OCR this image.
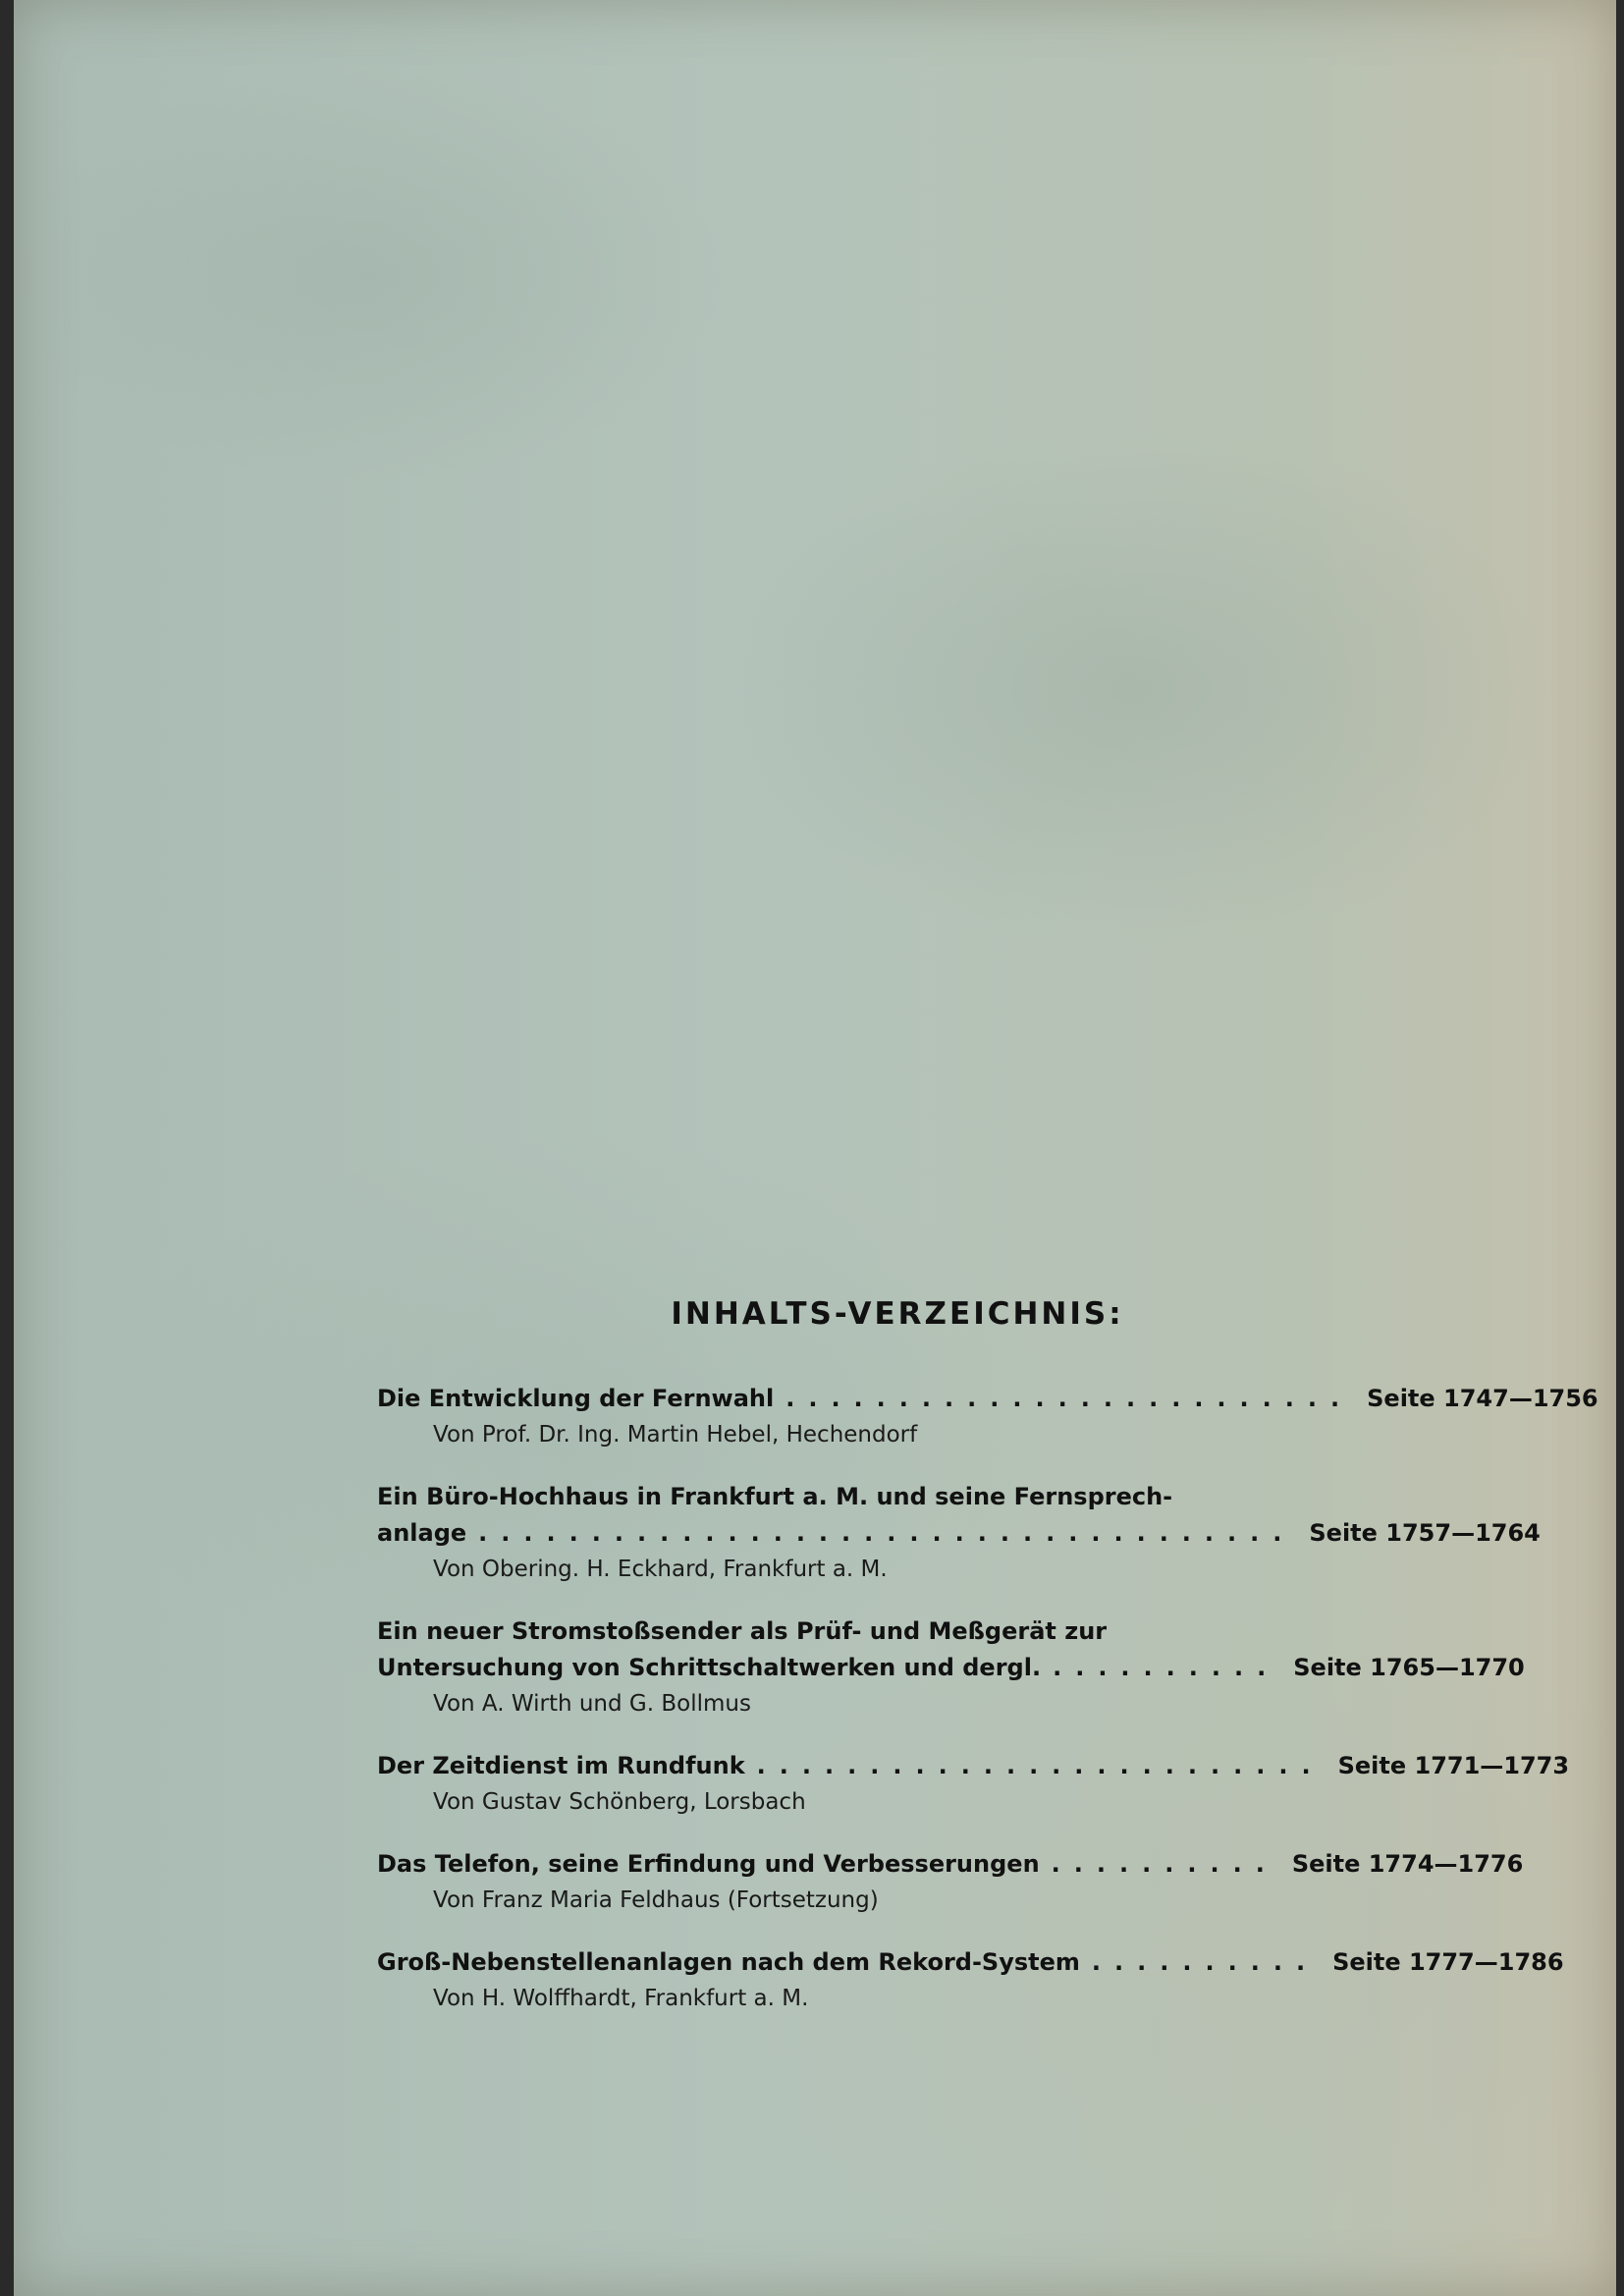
INHALTS-VERZEICHNIS:
Die Entwicklung der Fernwahl ......................... Seite 1747—1756
Von Prof. Dr. Ing. Martin Hebel, Hechendorf
Ein Büro-Hochhaus in Frankfurt a. M. und seine Fernsprech-
anlage .................................... Seite 1757—1764
Von Obering. H. Eckhard, Frankfurt a. M.
Ein neuer Stromstoßsender als Prüf- und Meßgerät zur
Untersuchung von Schrittschaltwerken und dergl. .......... Seite 1765—1770
Von A. Wirth und G. Bollmus
Der Zeitdienst im Rundfunk ......................... Seite 1771—1773
Von Gustav Schönberg, Lorsbach
Das Telefon, seine Erfindung und Verbesserungen .......... Seite 1774—1776
Von Franz Maria Feldhaus (Fortsetzung)
Groß-Nebenstellenanlagen nach dem Rekord-System .......... Seite 1777—1786
Von H. Wolffhardt, Frankfurt a. M.
